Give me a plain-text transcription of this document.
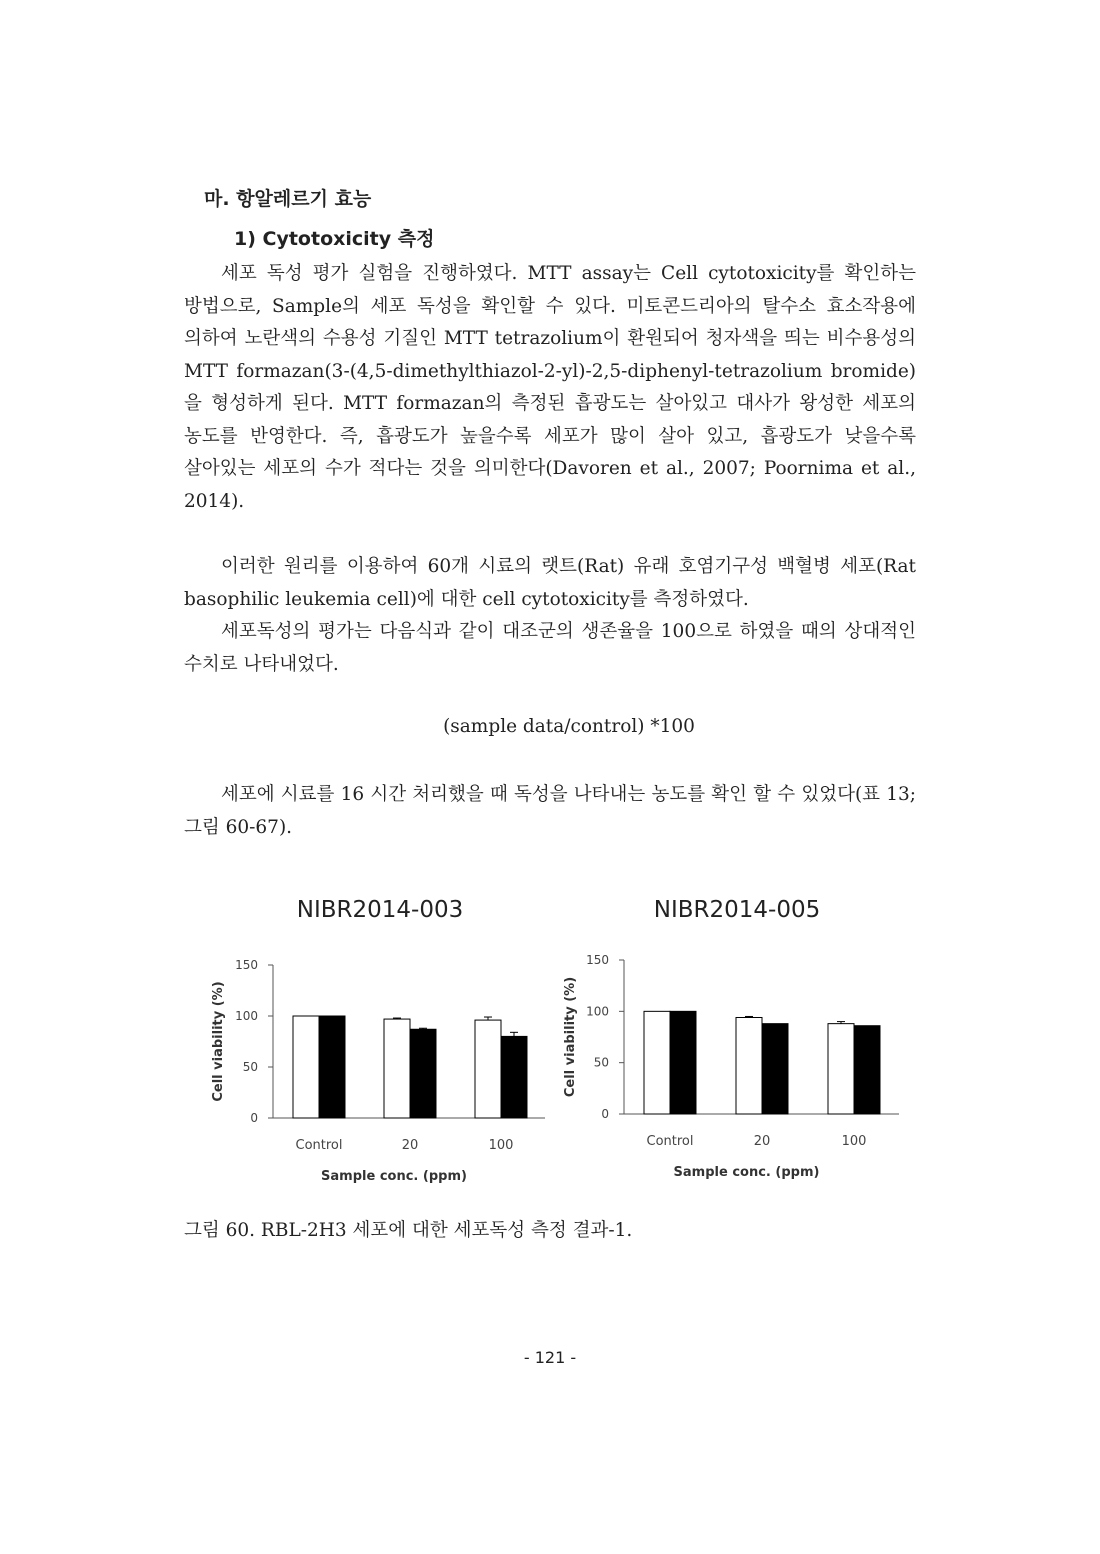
마. 항알레르기 효능
1) Cytotoxicity 측정

세포 독성 평가 실험을 진행하였다. MTT assay는 Cell cytotoxicity를 확인하는 방법으로, Sample의 세포 독성을 확인할 수 있다. 미토콘드리아의 탈수소 효소작용에 의하여 노란색의 수용성 기질인 MTT tetrazolium이 환원되어 청자색을 띄는 비수용성의 MTT formazan(3-(4,5-dimethylthiazol-2-yl)-2,5-diphenyl-tetrazolium bromide)을 형성하게 된다. MTT formazan의 측정된 흡광도는 살아있고 대사가 왕성한 세포의 농도를 반영한다. 즉, 흡광도가 높을수록 세포가 많이 살아 있고, 흡광도가 낮을수록 살아있는 세포의 수가 적다는 것을 의미한다(Davoren et al., 2007; Poornima et al., 2014).

이러한 원리를 이용하여 60개 시료의 랫트(Rat) 유래 호염기구성 백혈병 세포(Rat basophilic leukemia cell)에 대한 cell cytotoxicity를 측정하였다.

세포독성의 평가는 다음식과 같이 대조군의 생존율을 100으로 하였을 때의 상대적인 수치로 나타내었다.

(sample data/control) *100

세포에 시료를 16 시간 처리했을 때 독성을 나타내는 농도를 확인 할 수 있었다(표 13; 그림 60-67).

NIBR2014-003
0
50
100
150
Control	20	100
Sample conc. (ppm)
Cell viability (%)
NIBR2014-005
0
50
100
150
Control	20	100
Sample conc. (ppm)
Cell viability (%)

그림 60. RBL-2H3 세포에 대한 세포독성 측정 결과-1.

- 121 -
